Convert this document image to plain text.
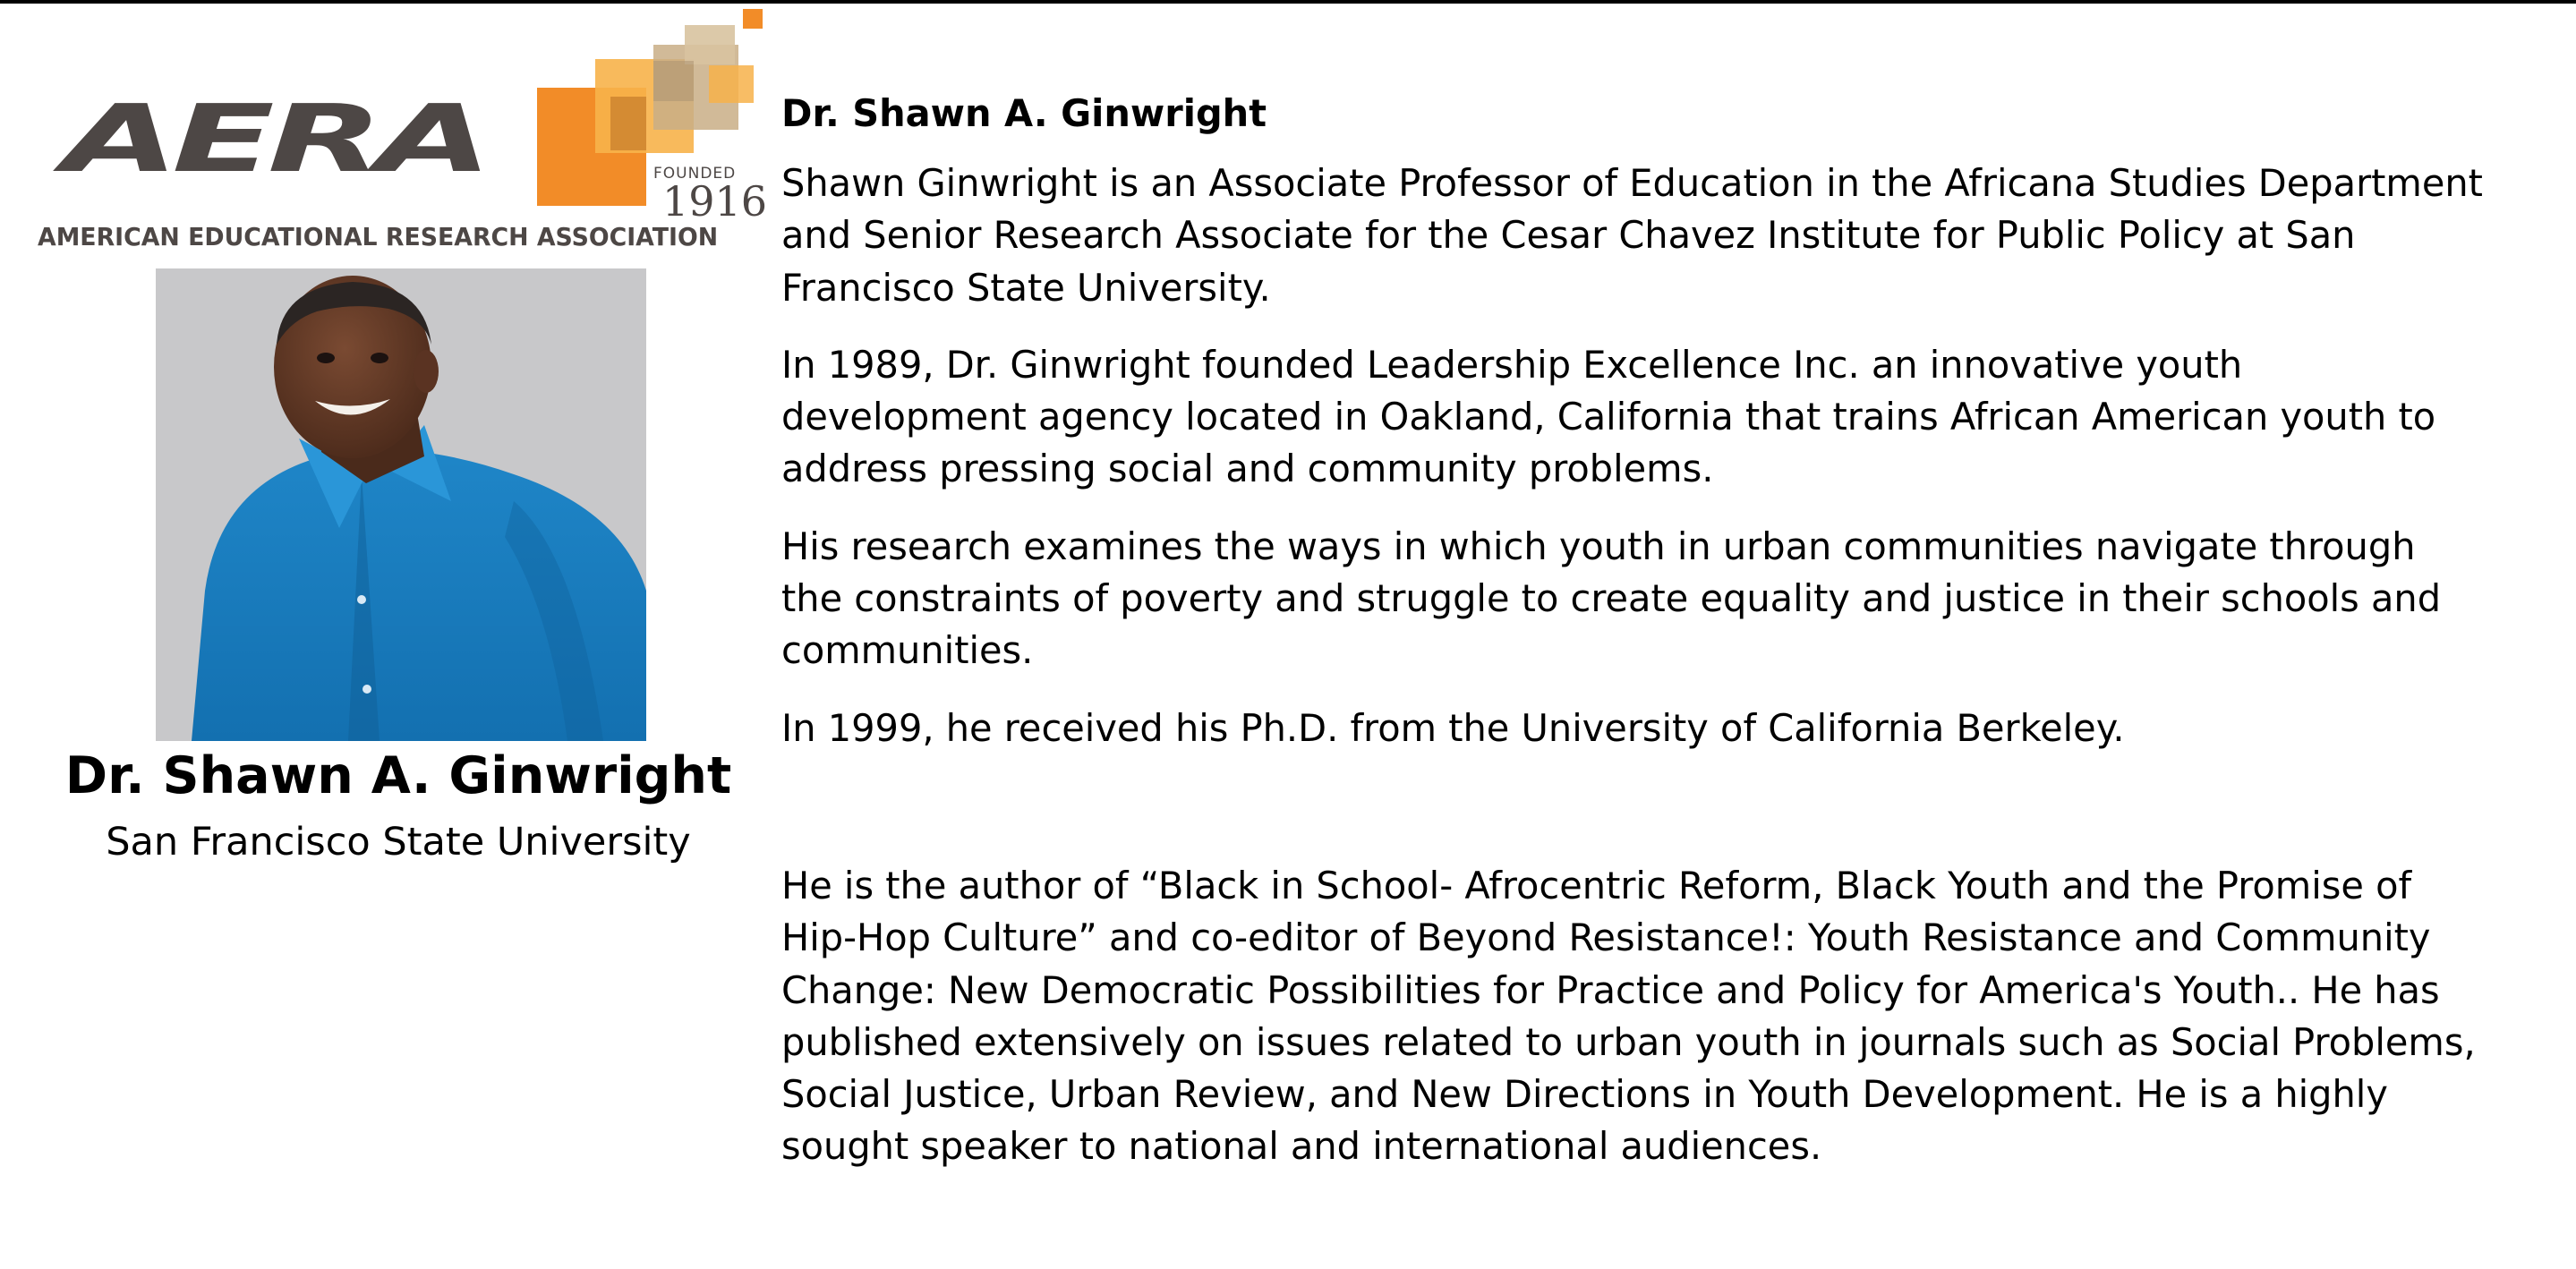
AERA	FOUNDED
1916
AMERICAN EDUCATIONAL RESEARCH ASSOCIATION
Dr. Shawn A. Ginwright
San Francisco State University
Dr. Shawn A. Ginwright

Shawn Ginwright is an Associate Professor of Education in the Africana Studies Department and Senior Research Associate for the Cesar Chavez Institute for Public Policy at San Francisco State University.

In 1989, Dr. Ginwright founded Leadership Excellence Inc. an innovative youth development agency located in Oakland, California that trains African American youth to address pressing social and community problems.

His research examines the ways in which youth in urban communities navigate through the constraints of poverty and struggle to create equality and justice in their schools and communities.

In 1999, he received his Ph.D. from the University of California Berkeley.

He is the author of “Black in School- Afrocentric Reform, Black Youth and the Promise of Hip-Hop Culture” and co-editor of Beyond Resistance!: Youth Resistance and Community Change: New Democratic Possibilities for Practice and Policy for America's Youth.. He has published extensively on issues related to urban youth in journals such as Social Problems, Social Justice, Urban Review, and New Directions in Youth Development. He is a highly sought speaker to national and international audiences.
